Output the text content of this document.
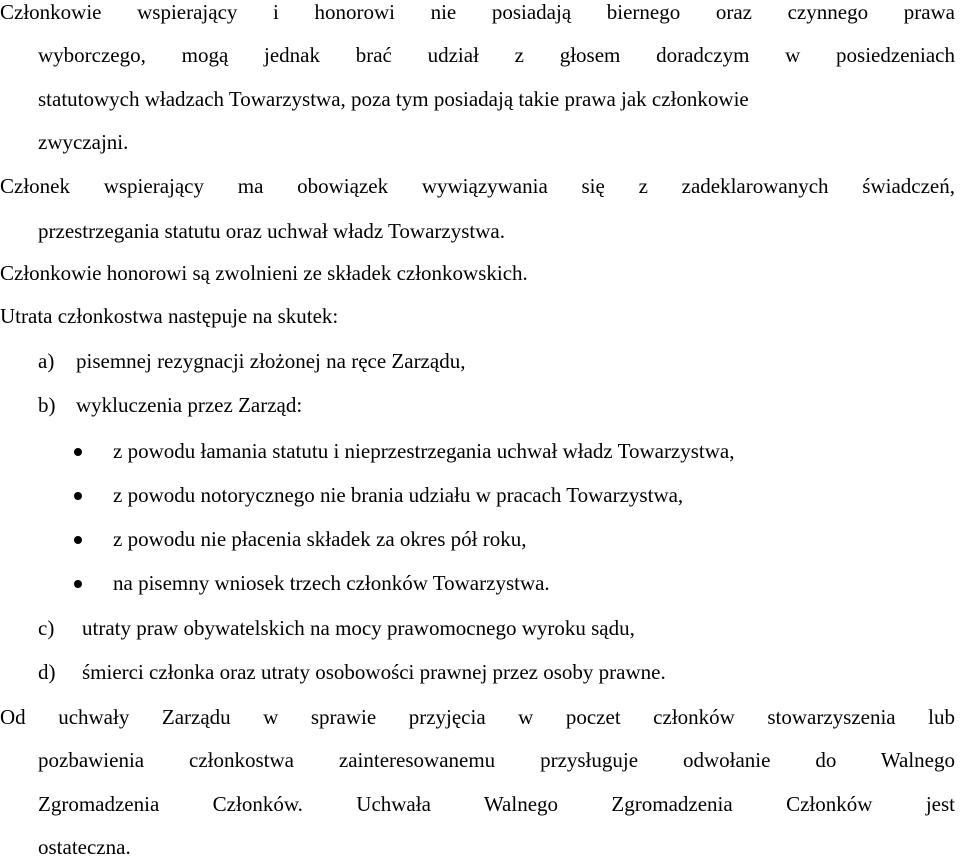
Członkowie wspierający i honorowi nie posiadają biernego oraz czynnego prawa
wyborczego, mogą jednak brać udział z głosem doradczym w posiedzeniach
statutowych władzach Towarzystwa, poza tym posiadają takie prawa jak członkowie
zwyczajni.
Członek wspierający ma obowiązek wywiązywania się z zadeklarowanych świadczeń,
przestrzegania statutu oraz uchwał władz Towarzystwa.
Członkowie honorowi są zwolnieni ze składek członkowskich.
Utrata członkostwa następuje na skutek:
a) pisemnej rezygnacji złożonej na ręce Zarządu,
b) wykluczenia przez Zarząd:
z powodu łamania statutu i nieprzestrzegania uchwał władz Towarzystwa,
z powodu notorycznego nie brania udziału w pracach Towarzystwa,
z powodu nie płacenia składek za okres pół roku,
na pisemny wniosek trzech członków Towarzystwa.
c) utraty praw obywatelskich na mocy prawomocnego wyroku sądu,
d) śmierci członka oraz utraty osobowości prawnej przez osoby prawne.
Od uchwały Zarządu w sprawie przyjęcia w poczet członków stowarzyszenia lub
pozbawienia członkostwa zainteresowanemu przysługuje odwołanie do Walnego
Zgromadzenia Członków. Uchwała Walnego Zgromadzenia Członków jest
ostateczna.
